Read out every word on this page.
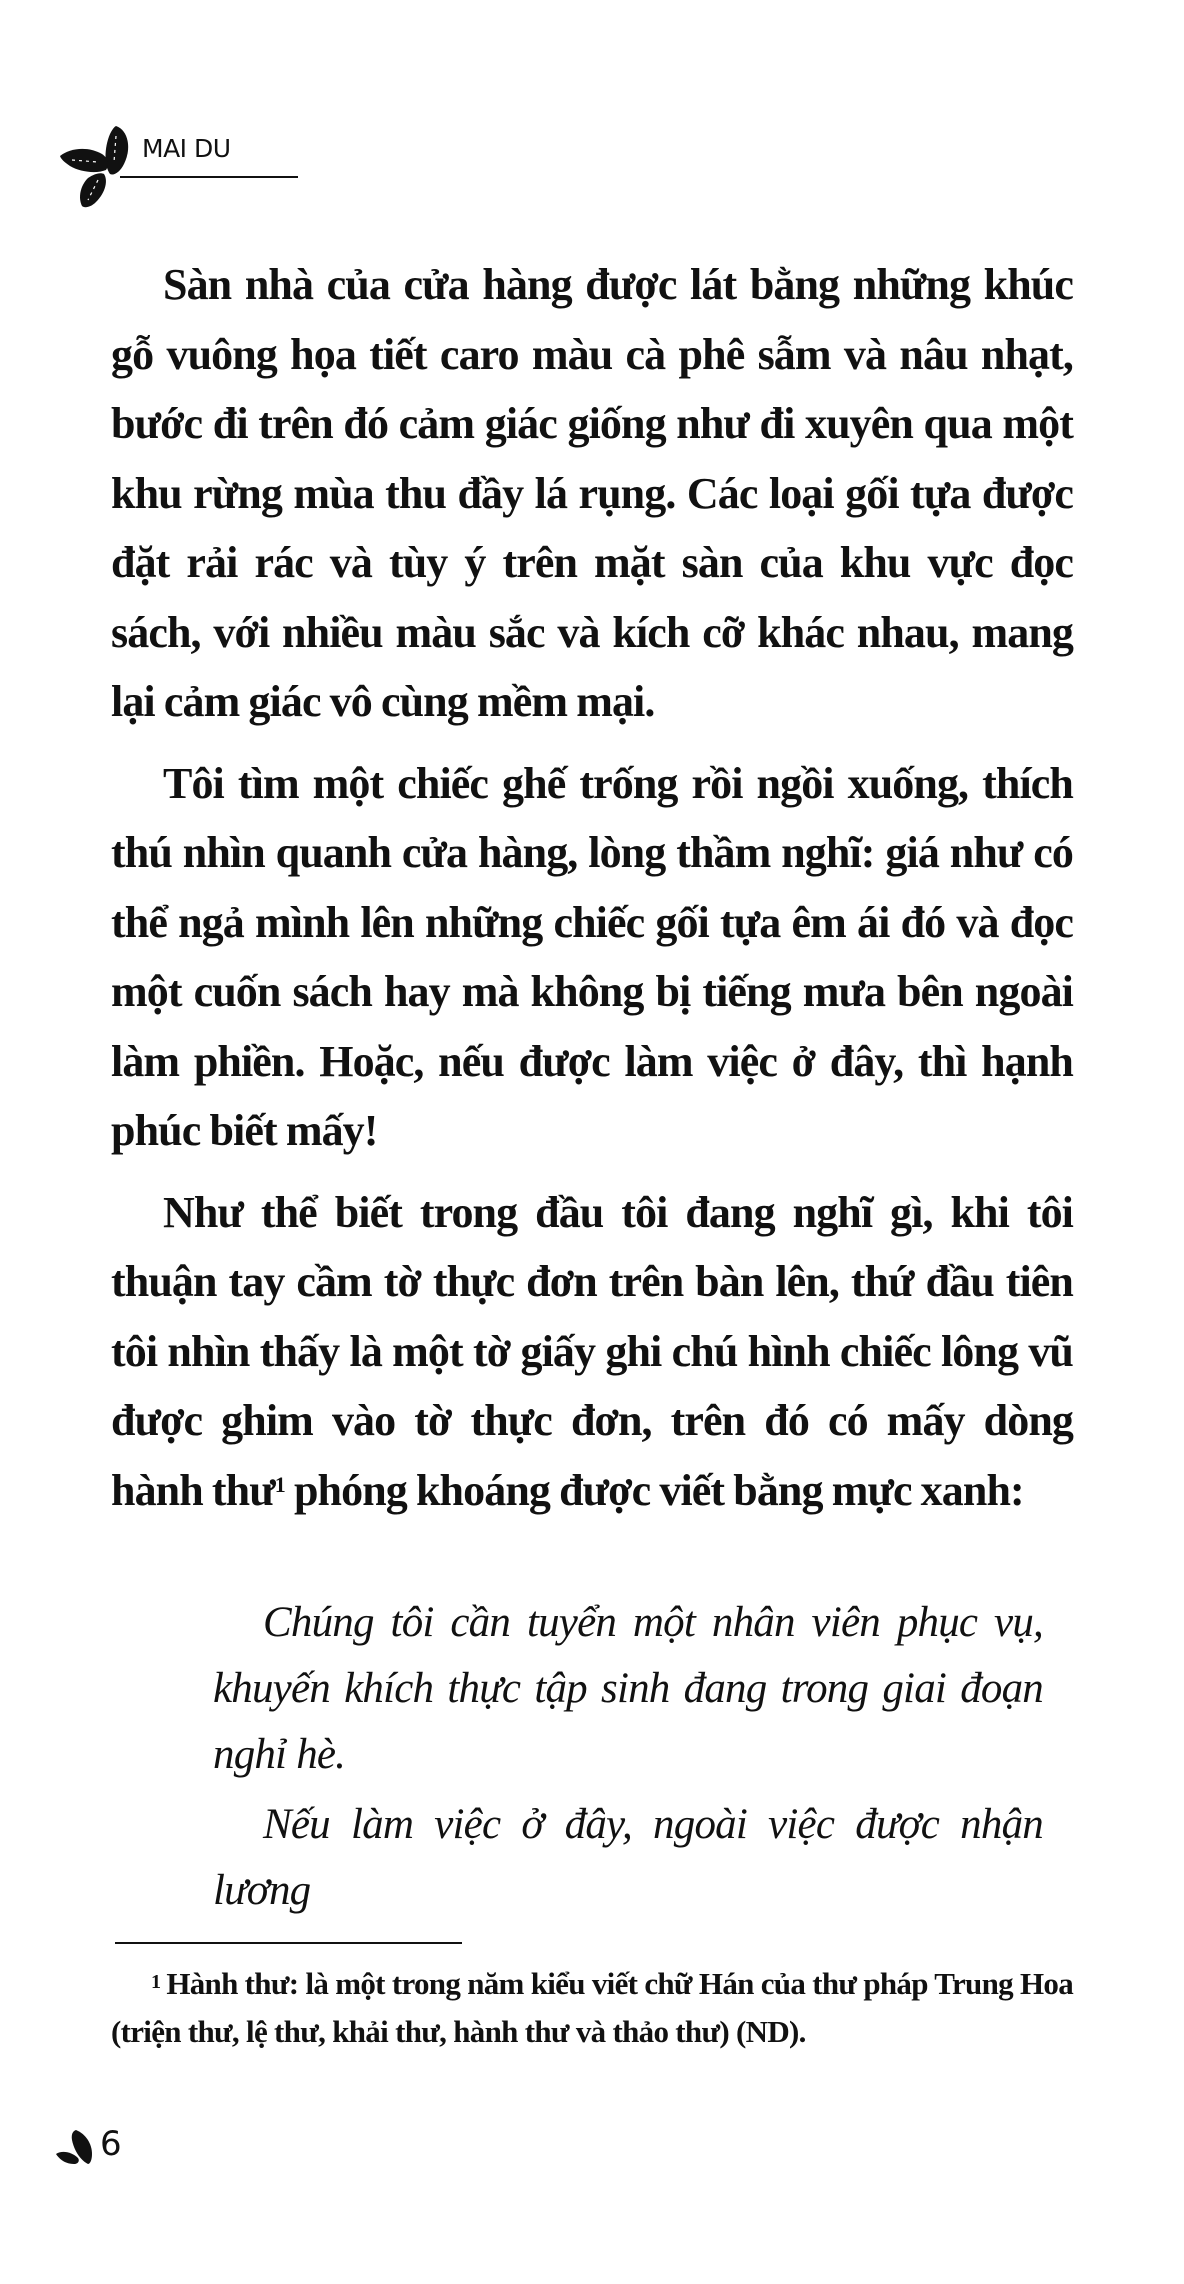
MAI DU

Sàn nhà của cửa hàng được lát bằng những khúc gỗ vuông họa tiết caro màu cà phê sẫm và nâu nhạt, bước đi trên đó cảm giác giống như đi xuyên qua một khu rừng mùa thu đầy lá rụng. Các loại gối tựa được đặt rải rác và tùy ý trên mặt sàn của khu vực đọc sách, với nhiều màu sắc và kích cỡ khác nhau, mang lại cảm giác vô cùng mềm mại.

Tôi tìm một chiếc ghế trống rồi ngồi xuống, thích thú nhìn quanh cửa hàng, lòng thầm nghĩ: giá như có thể ngả mình lên những chiếc gối tựa êm ái đó và đọc một cuốn sách hay mà không bị tiếng mưa bên ngoài làm phiền. Hoặc, nếu được làm việc ở đây, thì hạnh phúc biết mấy!

Như thể biết trong đầu tôi đang nghĩ gì, khi tôi thuận tay cầm tờ thực đơn trên bàn lên, thứ đầu tiên tôi nhìn thấy là một tờ giấy ghi chú hình chiếc lông vũ được ghim vào tờ thực đơn, trên đó có mấy dòng hành thư$^1$ phóng khoáng được viết bằng mực xanh:

Chúng tôi cần tuyển một nhân viên phục vụ, khuyến khích thực tập sinh đang trong giai đoạn nghỉ hè.

Nếu làm việc ở đây, ngoài việc được nhận lương

$^1$ Hành thư: là một trong năm kiểu viết chữ Hán của thư pháp Trung Hoa (triện thư, lệ thư, khải thư, hành thư và thảo thư) (ND).

6
